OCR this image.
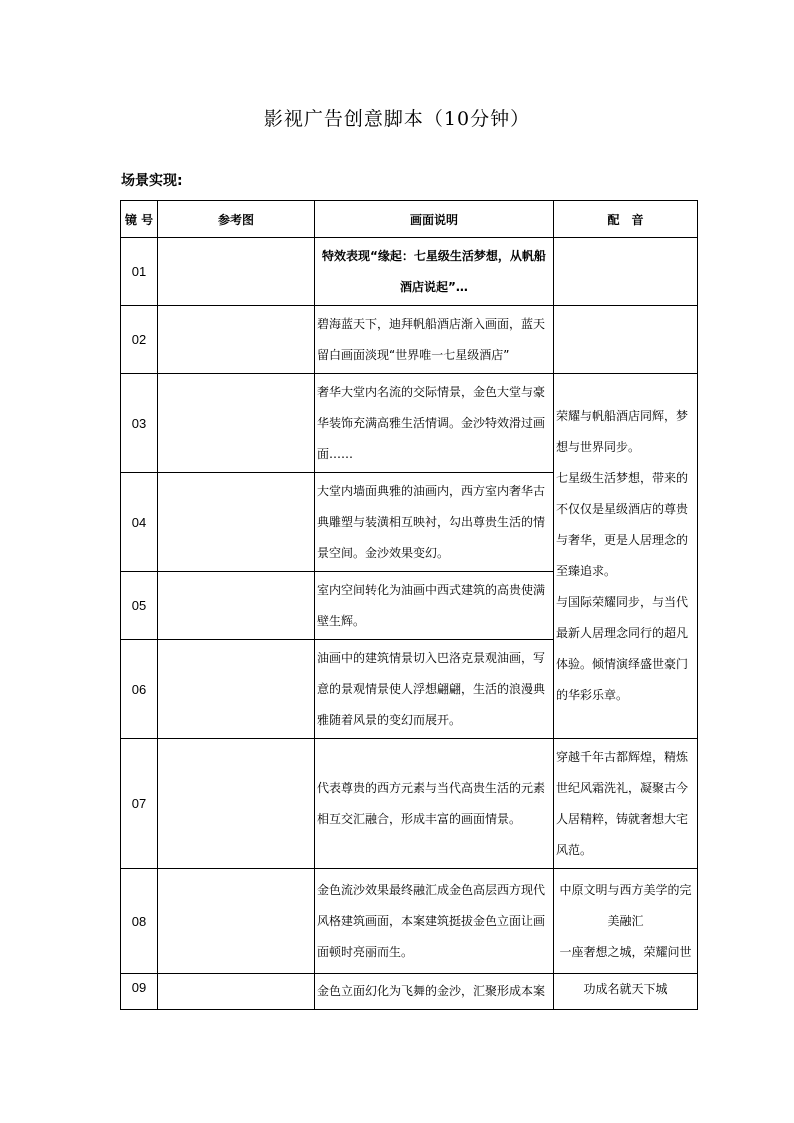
影视广告创意脚本（10分钟）
场景实现:
镜 号	参考图	画面说明	配　音
01		特效表现“缘起：七星级生活梦想，从帆船酒店说起”…	
02		碧海蓝天下，迪拜帆船酒店渐入画面，蓝天留白画面淡现“世界唯一七星级酒店”	
03		奢华大堂内名流的交际情景，金色大堂与豪华装饰充满高雅生活情调。金沙特效滑过画面……	荣耀与帆船酒店同辉，梦想与世界同步。

七星级生活梦想，带来的不仅仅是星级酒店的尊贵与奢华，更是人居理念的至臻追求。

与国际荣耀同步，与当代最新人居理念同行的超凡体验。倾情演绎盛世豪门的华彩乐章。

04		大堂内墙面典雅的油画内，西方室内奢华古典雕塑与装潢相互映衬，勾出尊贵生活的情景空间。金沙效果变幻。	
05		室内空间转化为油画中西式建筑的高贵使满壁生辉。	
06		油画中的建筑情景切入巴洛克景观油画，写意的景观情景使人浮想翩翩，生活的浪漫典雅随着风景的变幻而展开。	
07		代表尊贵的西方元素与当代高贵生活的元素相互交汇融合，形成丰富的画面情景。	穿越千年古都辉煌，精炼世纪风霜洗礼，凝聚古今人居精粹，铸就奢想大宅风范。
08		金色流沙效果最终融汇成金色高层西方现代风格建筑画面，本案建筑挺拔金色立面让画面顿时亮丽而生。	中原文明与西方美学的完美融汇

一座奢想之城，荣耀问世

09		金色立面幻化为飞舞的金沙，汇聚形成本案	功成名就天下城
